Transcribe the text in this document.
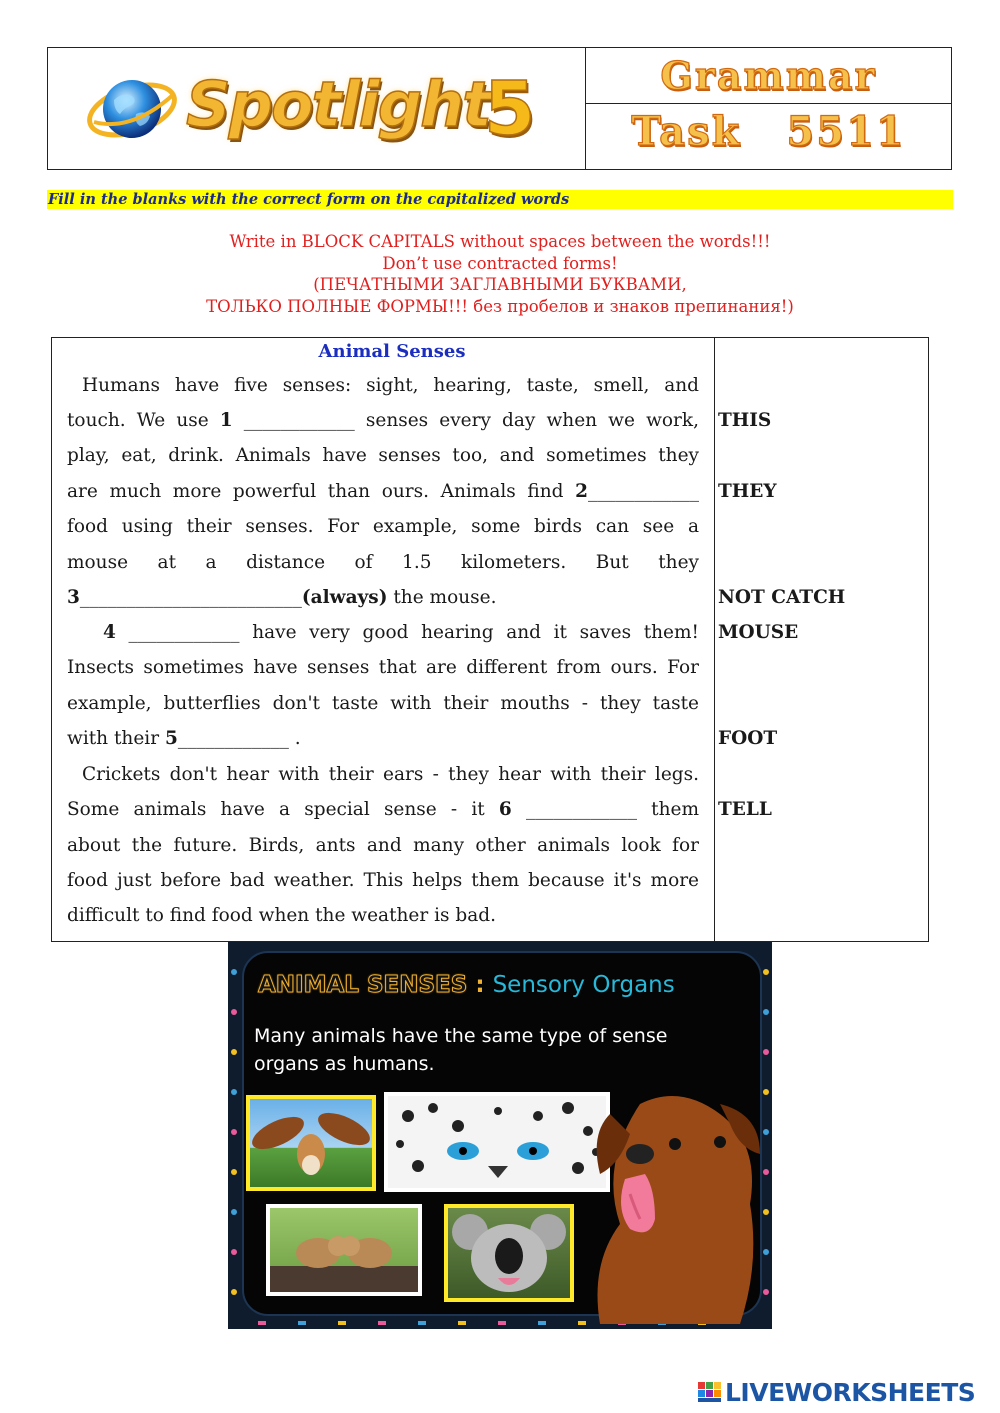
Spotlight
5	Grammar
Task 5511
Fill in the blanks with the correct form on the capitalized words
Write in BLOCK CAPITALS without spaces between the words!!!
Don’t use contracted forms!
(ПЕЧАТНЫМИ ЗАГЛАВНЫМИ БУКВАМИ,
ТОЛЬКО ПОЛНЫЕ ФОРМЫ!!! без пробелов и знаков препинания!)
Animal Senses
Humans have five senses: sight, hearing, taste, smell, and
touch. We use 1 ____________ senses every day when we work,
play, eat, drink. Animals have senses too, and sometimes they
are much more powerful than ours. Animals find 2____________
food using their senses. For example, some birds can see a
mouse at a distance of 1.5 kilometers. But they
3________________________(always) the mouse.
4 ____________ have very good hearing and it saves them!
Insects sometimes have senses that are different from ours. For
example, butterflies don't taste with their mouths - they taste
with their 5____________ .
Crickets don't hear with their ears - they hear with their legs.
Some animals have a special sense - it 6 ____________ them
about the future. Birds, ants and many other animals look for
food just before bad weather. This helps them because it's more
difficult to find food when the weather is bad.
THIS
THEY
NOT CATCH
MOUSE
FOOT
TELL
ANIMAL SENSES : Sensory Organs
Many animals have the same type of sense organs as humans.
LIVEWORKSHEETS
